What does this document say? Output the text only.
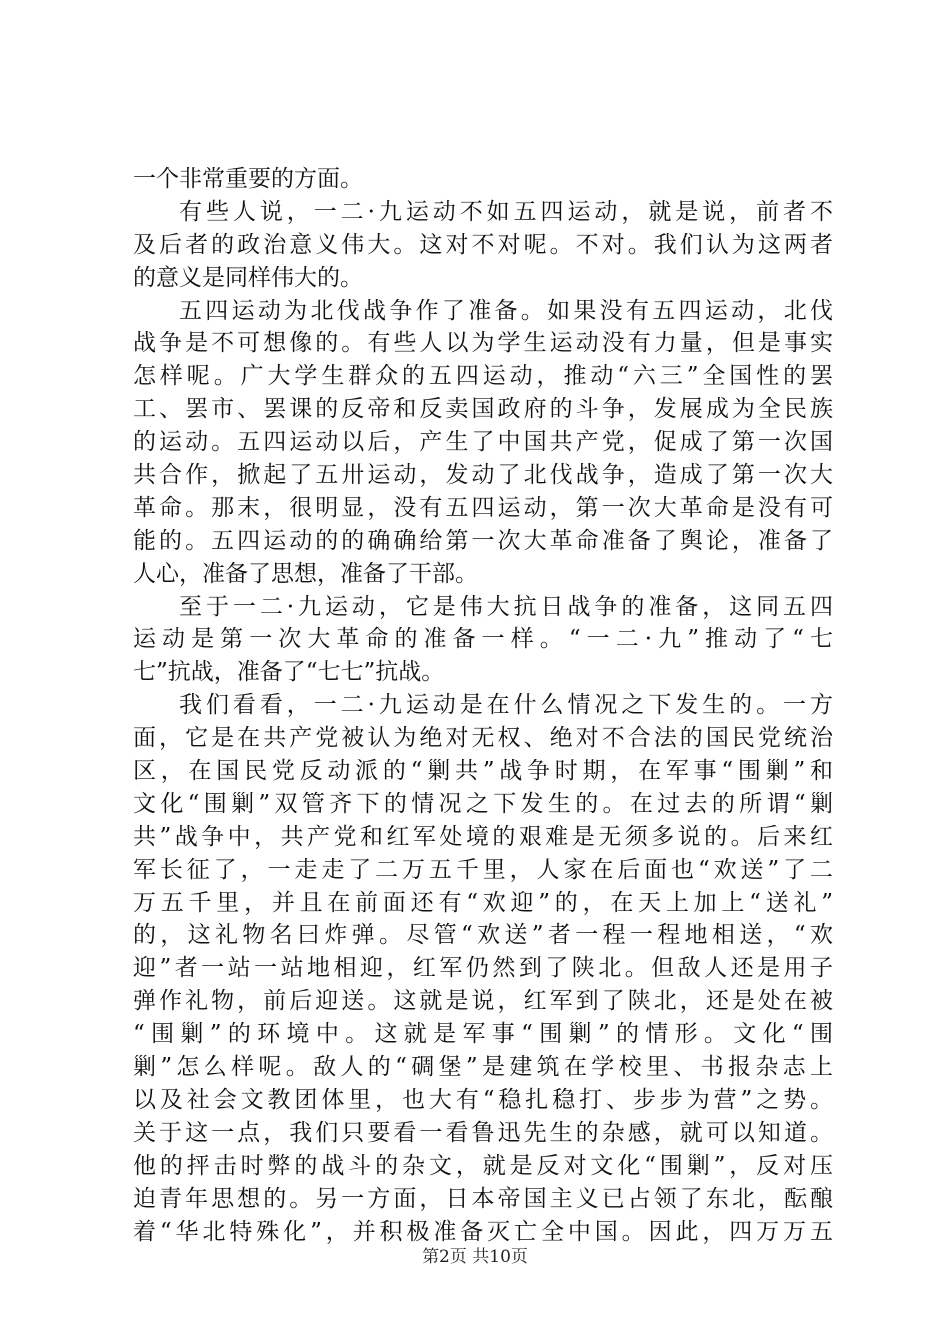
一个非常重要的方面。
有些人说，一二·九运动不如五四运动，就是说，前者不
及后者的政治意义伟大。这对不对呢。不对。我们认为这两者
的意义是同样伟大的。
五四运动为北伐战争作了准备。如果没有五四运动，北伐
战争是不可想像的。有些人以为学生运动没有力量，但是事实
怎样呢。广大学生群众的五四运动，推动“六三”全国性的罢
工、罢市、罢课的反帝和反卖国政府的斗争，发展成为全民族
的运动。五四运动以后，产生了中国共产党，促成了第一次国
共合作，掀起了五卅运动，发动了北伐战争，造成了第一次大
革命。那末，很明显，没有五四运动，第一次大革命是没有可
能的。五四运动的的确确给第一次大革命准备了舆论，准备了
人心，准备了思想，准备了干部。
至于一二·九运动，它是伟大抗日战争的准备，这同五四
运动是第一次大革命的准备一样。“一二·九”推动了“七
七”抗战，准备了“七七”抗战。
我们看看，一二·九运动是在什么情况之下发生的。一方
面，它是在共产党被认为绝对无权、绝对不合法的国民党统治
区，在国民党反动派的“剿共”战争时期，在军事“围剿”和
文化“围剿”双管齐下的情况之下发生的。在过去的所谓“剿
共”战争中，共产党和红军处境的艰难是无须多说的。后来红
军长征了，一走走了二万五千里，人家在后面也“欢送”了二
万五千里，并且在前面还有“欢迎”的，在天上加上“送礼”
的，这礼物名曰炸弹。尽管“欢送”者一程一程地相送，“欢
迎”者一站一站地相迎，红军仍然到了陕北。但敌人还是用子
弹作礼物，前后迎送。这就是说，红军到了陕北，还是处在被
“围剿”的环境中。这就是军事“围剿”的情形。文化“围
剿”怎么样呢。敌人的“碉堡”是建筑在学校里、书报杂志上
以及社会文教团体里，也大有“稳扎稳打、步步为营”之势。
关于这一点，我们只要看一看鲁迅先生的杂感，就可以知道。
他的抨击时弊的战斗的杂文，就是反对文化“围剿”，反对压
迫青年思想的。另一方面，日本帝国主义已占领了东北，酝酿
着“华北特殊化”，并积极准备灭亡全中国。因此，四万万五
第2页 共10页
